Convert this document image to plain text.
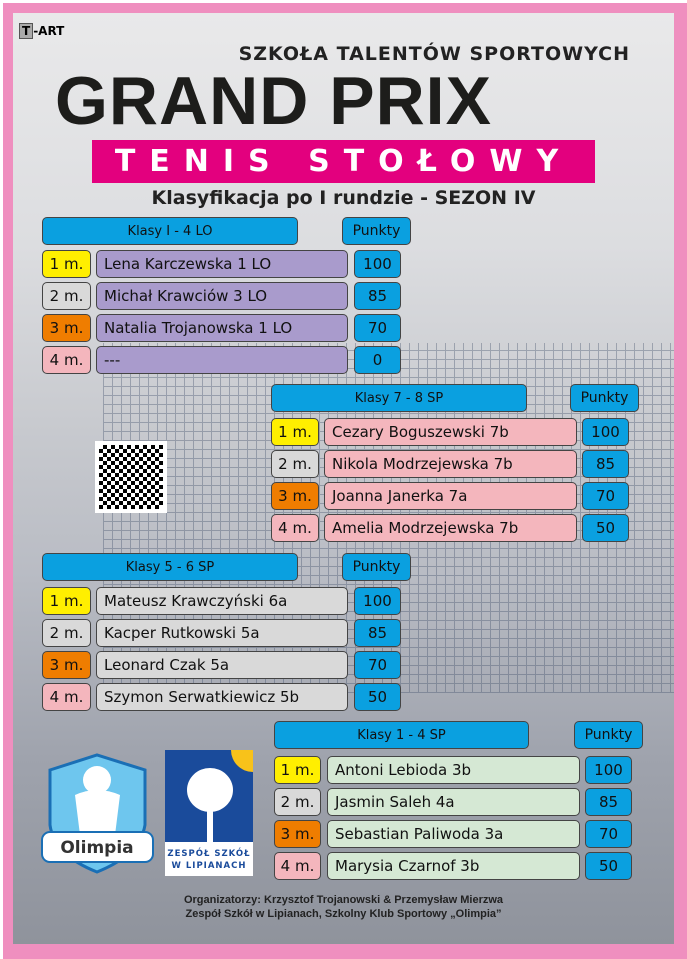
T -ART
SZKOŁA TALENTÓW SPORTOWYCH
GRAND PRIX
TENIS STOŁOWY
Klasyfikacja po I rundzie - SEZON IV
Klasy I - 4 LO	Punkty
1 m.	Lena Karczewska 1 LO	100
2 m.	Michał Krawciów 3 LO	85
3 m.	Natalia Trojanowska 1 LO	70
4 m.	---	0
Klasy 7 - 8 SP	Punkty
1 m.	Cezary Boguszewski 7b	100
2 m.	Nikola Modrzejewska 7b	85
3 m.	Joanna Janerka 7a	70
4 m.	Amelia Modrzejewska 7b	50
Klasy 5 - 6 SP	Punkty
1 m.	Mateusz Krawczyński 6a	100
2 m.	Kacper Rutkowski 5a	85
3 m.	Leonard Czak 5a	70
4 m.	Szymon Serwatkiewicz 5b	50
Klasy 1 - 4 SP	Punkty
1 m.	Antoni Lebioda 3b	100
2 m.	Jasmin Saleh 4a	85
3 m.	Sebastian Paliwoda 3a	70
4 m.	Marysia Czarnof 3b	50
Olimpia	ZESPÓŁ SZKÓŁ
W LIPIANACH
Organizatorzy: Krzysztof Trojanowski & Przemysław Mierzwa
Zespół Szkół w Lipianach, Szkolny Klub Sportowy „Olimpia”
